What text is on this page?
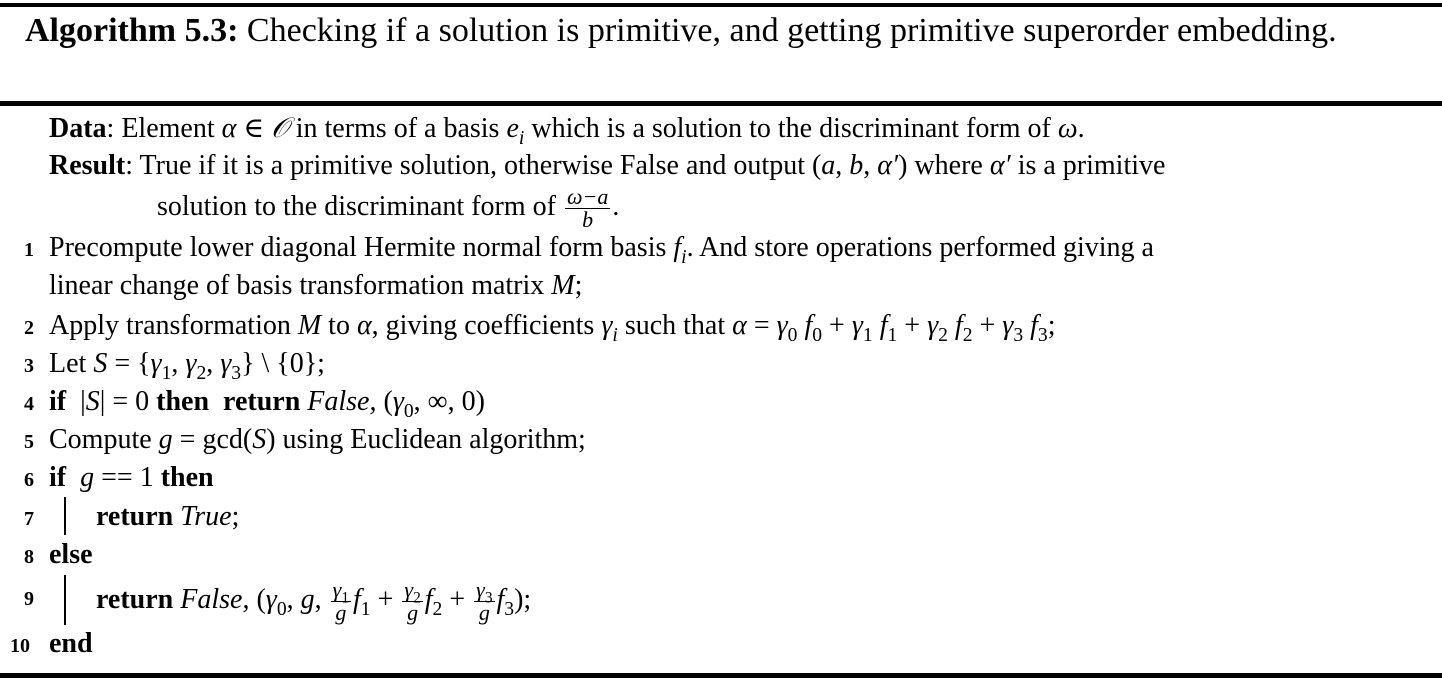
Algorithm 5.3: Checking if a solution is primitive, and getting primitive superorder embedding.
Data: Element α ∈ 𝒪 in terms of a basis $e_i$ which is a solution to the discriminant form of ω.
Result: True if it is a primitive solution, otherwise False and output (a, b, α′) where α′ is a primitive
solution to the discriminant form of $\frac{\omega-a}{b}$ .
1 Precompute lower diagonal Hermite normal form basis $f_i$. And store operations performed giving a
linear change of basis transformation matrix M;
2 Apply transformation M to α, giving coefficients $\gamma_i$ such that $\alpha = \gamma_0$ $f_0 + \gamma_1$ $f_1 + \gamma_2$ $f_2 + \gamma_3$ $f_3$;
3 Let $S = \{\gamma_1$, $\gamma_2$, $\gamma_3$} \ {0};
4 if  |S| = 0 then return False, ($\gamma_0$, ∞, 0)
5 Compute g = gcd(S) using Euclidean algorithm;
6 if g == 1 then
7 return True;
8 else
9 return False, ($\gamma_0$, g, $\frac{\gamma_1}{g} f_1 + \frac{\gamma_2}{g} f_2 + \frac{\gamma_3}{g} f_3$);
10 end
